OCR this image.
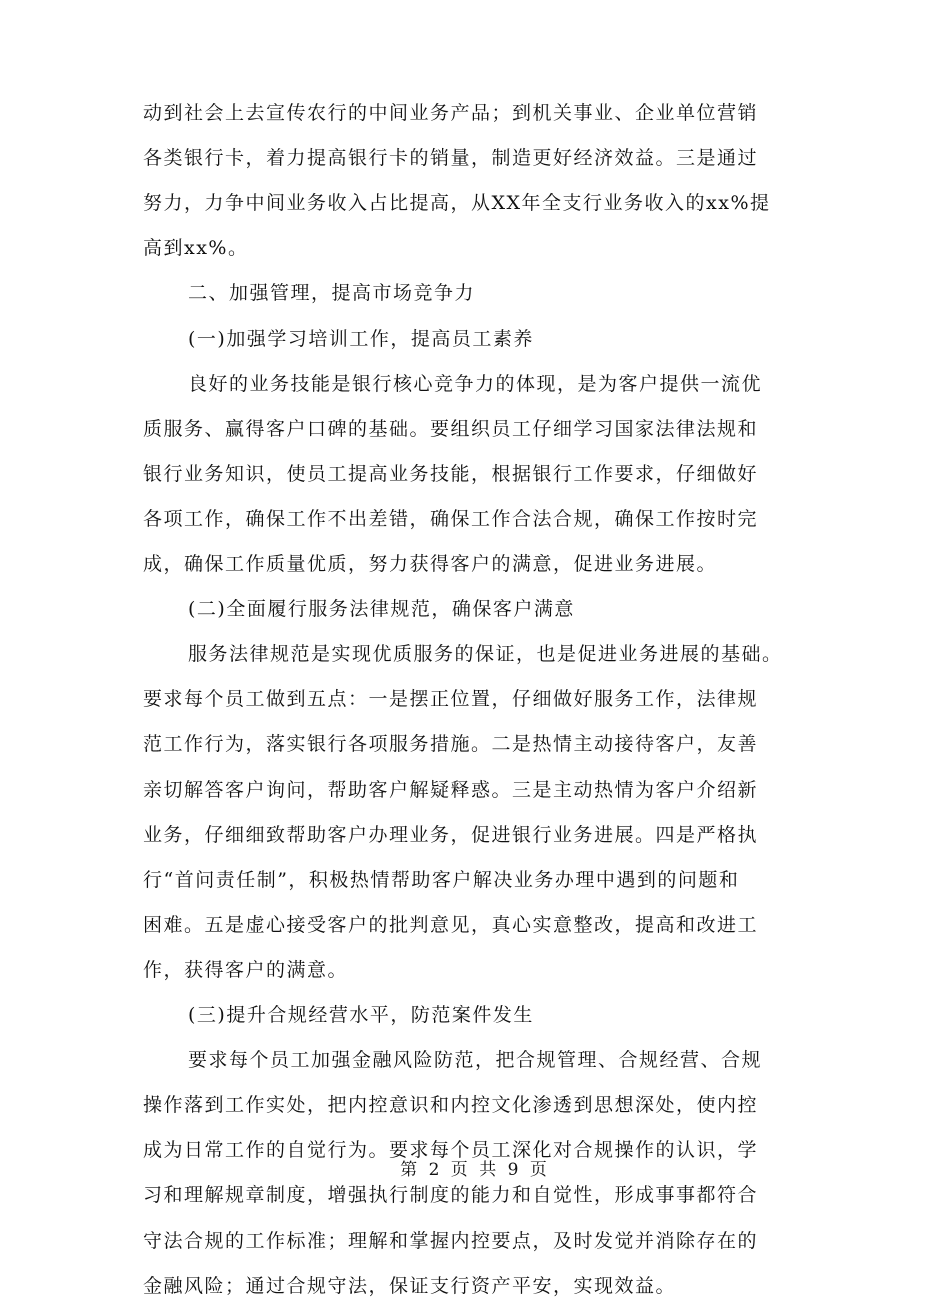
动到社会上去宣传农行的中间业务产品；到机关事业、企业单位营销
各类银行卡，着力提高银行卡的销量，制造更好经济效益。三是通过
努力，力争中间业务收入占比提高，从XX年全支行业务收入的xx%提
高到xx%。
二、加强管理，提高市场竞争力
(一)加强学习培训工作，提高员工素养
良好的业务技能是银行核心竞争力的体现，是为客户提供一流优
质服务、赢得客户口碑的基础。要组织员工仔细学习国家法律法规和
银行业务知识，使员工提高业务技能，根据银行工作要求，仔细做好
各项工作，确保工作不出差错，确保工作合法合规，确保工作按时完
成，确保工作质量优质，努力获得客户的满意，促进业务进展。
(二)全面履行服务法律规范，确保客户满意
服务法律规范是实现优质服务的保证，也是促进业务进展的基础。
要求每个员工做到五点：一是摆正位置，仔细做好服务工作，法律规
范工作行为，落实银行各项服务措施。二是热情主动接待客户，友善
亲切解答客户询问，帮助客户解疑释惑。三是主动热情为客户介绍新
业务，仔细细致帮助客户办理业务，促进银行业务进展。四是严格执
行“首问责任制”，积极热情帮助客户解决业务办理中遇到的问题和
困难。五是虚心接受客户的批判意见，真心实意整改，提高和改进工
作，获得客户的满意。
(三)提升合规经营水平，防范案件发生
要求每个员工加强金融风险防范，把合规管理、合规经营、合规
操作落到工作实处，把内控意识和内控文化渗透到思想深处，使内控
成为日常工作的自觉行为。要求每个员工深化对合规操作的认识，学
习和理解规章制度，增强执行制度的能力和自觉性，形成事事都符合
守法合规的工作标准；理解和掌握内控要点，及时发觉并消除存在的
金融风险；通过合规守法，保证支行资产平安，实现效益。
第 2 页 共 9 页
